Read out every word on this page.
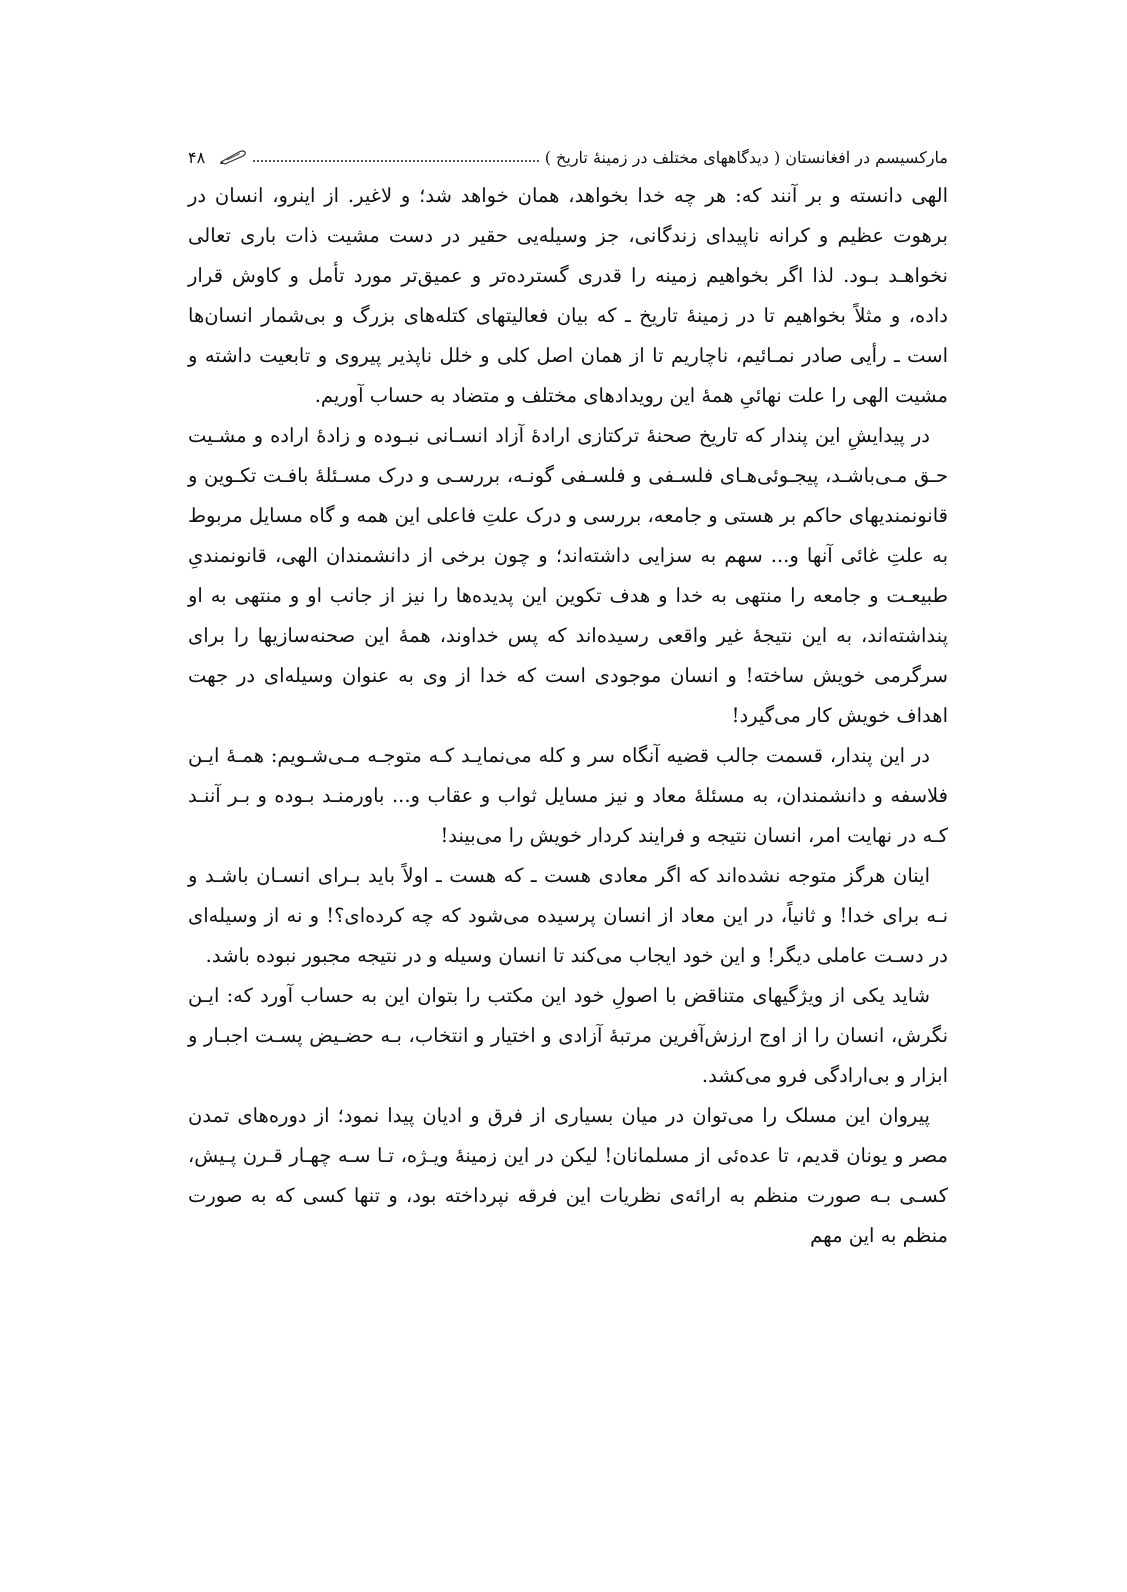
مارکسیسم در افغانستان ( دیدگاههای مختلف در زمینهٔ تاریخ )
۴۸

الهی دانسته و بر آنند که: هر چه خدا بخواهد، همان خواهد شد؛ و لاغیر. از اینرو، انسان در برهوت عظیم و کرانه ناپیدای زندگانی، جز وسیله‌یی حقیر در دست مشیت ذات باری تعالی نخواهـد بـود. لذا اگر بخواهیم زمینه را قدری گسترده‌تر و عمیق‌تر مورد تأمل و کاوش قرار داده، و مثلاً بخواهیم تا در زمینهٔ تاریخ ـ که بیان فعالیتهای کتله‌های بزرگ و بی‌شمار انسان‌ها است ـ رأیی صادر نمـائیم، ناچاریم تا از همان اصل کلی و خلل ناپذیر پیروی و تابعیت داشته و مشیت الهی را علت نهائیِ همهٔ این رویدادهای مختلف و متضاد به حساب آوریم.

در پیدایشِ این پندار که تاریخ صحنهٔ ترکتازی ارادهٔ آزاد انسـانی نبـوده و زادهٔ اراده و مشـیت حـق مـی‌باشـد، پیجـوئی‌هـای فلسـفی و فلسـفی گونـه، بررسـی و درک مسـئلهٔ بافـت تکـوین و قانونمندیهای حاکم بر هستی و جامعه، بررسی و درک علتِ فاعلی این همه و گاه مسایل مربوط به علتِ غائی آنها و... سهم به سزایی داشته‌اند؛ و چون برخی از دانشمندان الهی، قانونمندیِ طبیعـت و جامعه را منتهی به خدا و هدف تکوین این پدیده‌ها را نیز از جانب او و منتهی به او پنداشته‌اند، به این نتیجهٔ غیر واقعی رسیده‌اند که پس خداوند، همهٔ این صحنه‌سازیها را برای سرگرمی خویش ساخته! و انسان موجودی است که خدا از وی به عنوان وسیله‌ای در جهت اهداف خویش کار می‌گیرد!

در این پندار، قسمت جالب قضیه آنگاه سر و کله می‌نمایـد کـه متوجـه مـی‌شـویم: همـهٔ ایـن فلاسفه و دانشمندان، به مسئلهٔ معاد و نیز مسایل ثواب و عقاب و... باورمنـد بـوده و بـر آننـد کـه در نهایت امر، انسان نتیجه و فرایند کردار خویش را می‌بیند!

اینان هرگز متوجه نشده‌اند که اگر معادی هست ـ که هست ـ اولاً باید بـرای انسـان باشـد و نـه برای خدا! و ثانیاً، در این معاد از انسان پرسیده می‌شود که چه کرده‌ای؟! و نه از وسیله‌ای در دسـت عاملی دیگر! و این خود ایجاب می‌کند تا انسان وسیله و در نتیجه مجبور نبوده باشد.

شاید یکی از ویژگیهای متناقض با اصولِ خود این مکتب را بتوان این به حساب آورد که: ایـن نگرش، انسان را از اوج ارزش‌آفرین مرتبهٔ آزادی و اختیار و انتخاب، بـه حضـیض پسـت اجبـار و ابزار و بی‌ارادگی فرو می‌کشد.

پیروان این مسلک را می‌توان در میان بسیاری از فرق و ادیان پیدا نمود؛ از دوره‌های تمدن مصر و یونان قدیم، تا عده‌ئی از مسلمانان! لیکن در این زمینهٔ ویـژه، تـا سـه چهـار قـرن پـیش، کسـی بـه صورت منظم به ارائه‌ی نظریات این فرقه نپرداخته بود، و تنها کسی که به صورت منظم به این مهم
